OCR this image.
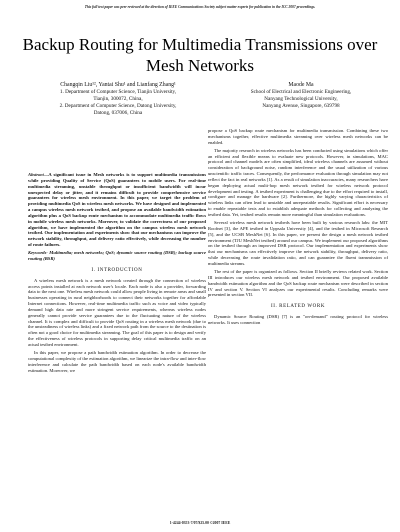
This full text paper was peer reviewed at the direction of IEEE Communications Society subject matter experts for publication in the ICC 2007 proceedings.
Backup Routing for Multimedia Transmissions over Mesh Networks
Changqin Liu¹², Yantai Shu¹ and Lianfang Zhang¹
1. Department of Computer Science, Tianjin University,
Tianjin, 300072, China,
2. Department of Computer Science, Datong University,
Datong, 037006, China
Maode Ma
School of Electrical and Electronic Engineering,
Nanyang Technological University,
Nanyang Avenue, Singapore, 639798

Abstract—A significant issue in Mesh networks is to support multimedia transmissions while providing Quality of Service (QoS) guarantees to mobile users. For real-time multimedia streaming, unstable throughput or insufficient bandwidth will incur unexpected delay or jitter, and it remains difficult to provide comprehensive service guarantees for wireless mesh environment. In this paper, we target the problem of providing multimedia QoS in wireless mesh networks. We have designed and implemented a campus wireless mesh network testbed, and propose an available bandwidth estimation algorithm plus a QoS backup route mechanism to accommodate multimedia traffic flows in mobile wireless mesh networks. Moreover, to validate the correctness of our proposed algorithm, we have implemented the algorithm on the campus wireless mesh network testbed. Our implementation and experiments show that our mechanisms can improve the network stability, throughput, and delivery ratio effectively, while decreasing the number of route failures.

Keywords- Multimedia; mesh networks; QoS; dynamic source routing (DSR); backup source routing (BSR)

I. INTRODUCTION

A wireless mesh network is a mesh network created through the connection of wireless access points installed at each network user's locale. Each node is also a provider, forwarding data to the next one. Wireless mesh network could allow people living in remote areas and small businesses operating in rural neighborhoods to connect their networks together for affordable Internet connections. However, real-time multimedia traffic such as voice and video typically demand high data rate and more stringent service requirements, whereas wireless nodes generally cannot provide service guarantees due to the fluctuating nature of the wireless channel. It is complex and difficult to provide QoS routing in a wireless mesh network (due to the unsteadiness of wireless links) and a fixed network path from the source to the destination is often not a good choice for multimedia streaming. The goal of this paper is to design and verify the effectiveness of wireless protocols in supporting delay critical multimedia traffic on an actual testbed environment.

In this paper, we propose a path bandwidth estimation algorithm. In order to decrease the computational complexity of the estimation algorithm, we linearize the intra-flow and inter-flow interference and calculate the path bandwidth based on each node's available bandwidth estimation. Moreover, we

propose a QoS backup route mechanism for multimedia transmission. Combining these two mechanisms together, effective multimedia streaming over wireless mesh networks can be enabled.

The majority research in wireless networks has been conducted using simulations which offer an efficient and flexible means to evaluate new protocols. However, in simulations, MAC protocol and channel models are often simplified, ideal wireless channels are assumed without consideration of background noise, random interference and the usual utilization of various unscientific traffic traces. Consequently, the performance evaluation through simulation may not reflect the fact in real networks [1]. As a result of simulation inaccuracies, many researchers have begun deploying actual multi-hop mesh network testbed for wireless network protocol development and testing. A testbed experiment is challenging due to the effort required to install, configure and manage the hardware [2]. Furthermore, the highly varying characteristics of wireless links can often lead to unstable and unrepeatable results. Significant effort is necessary to enable repeatable tests and to establish adequate methods for collecting and analyzing the testbed data. Yet, testbed results remain more meaningful than simulation evaluations.

Several wireless mesh network testbeds have been built by various research labs: the MIT Roofnet [3], the APE testbed in Uppsala University [4], and the testbed in Microsoft Research [5], and the UCSB MeshNet [6]. In this paper, we present the design a mesh network testbed environment (TJU MeshNet testbed) around our campus. We implement our proposed algorithms on the testbed through an improved DSR protocol. Our implementation and experiments show that our mechanisms can effectively improve the network stability, throughput, delivery ratio, while decreasing the route invalidation ratio, and can guarantee the fluent transmission of multimedia streams.

The rest of the paper is organized as follows. Section II briefly reviews related work. Section III introduces our wireless mesh network and testbed environment. Our proposed available bandwidth estimation algorithm and the QoS backup route mechanism were described in section IV and section V. Section VI analyzes our experimental results. Concluding remarks were presented in section VII.

II. RELATED WORK

Dynamic Source Routing (DSR) [7] is an "on-demand" routing protocol for wireless networks. It uses connection

1-4244-0353-7/07/$25.00 ©2007 IEEE
